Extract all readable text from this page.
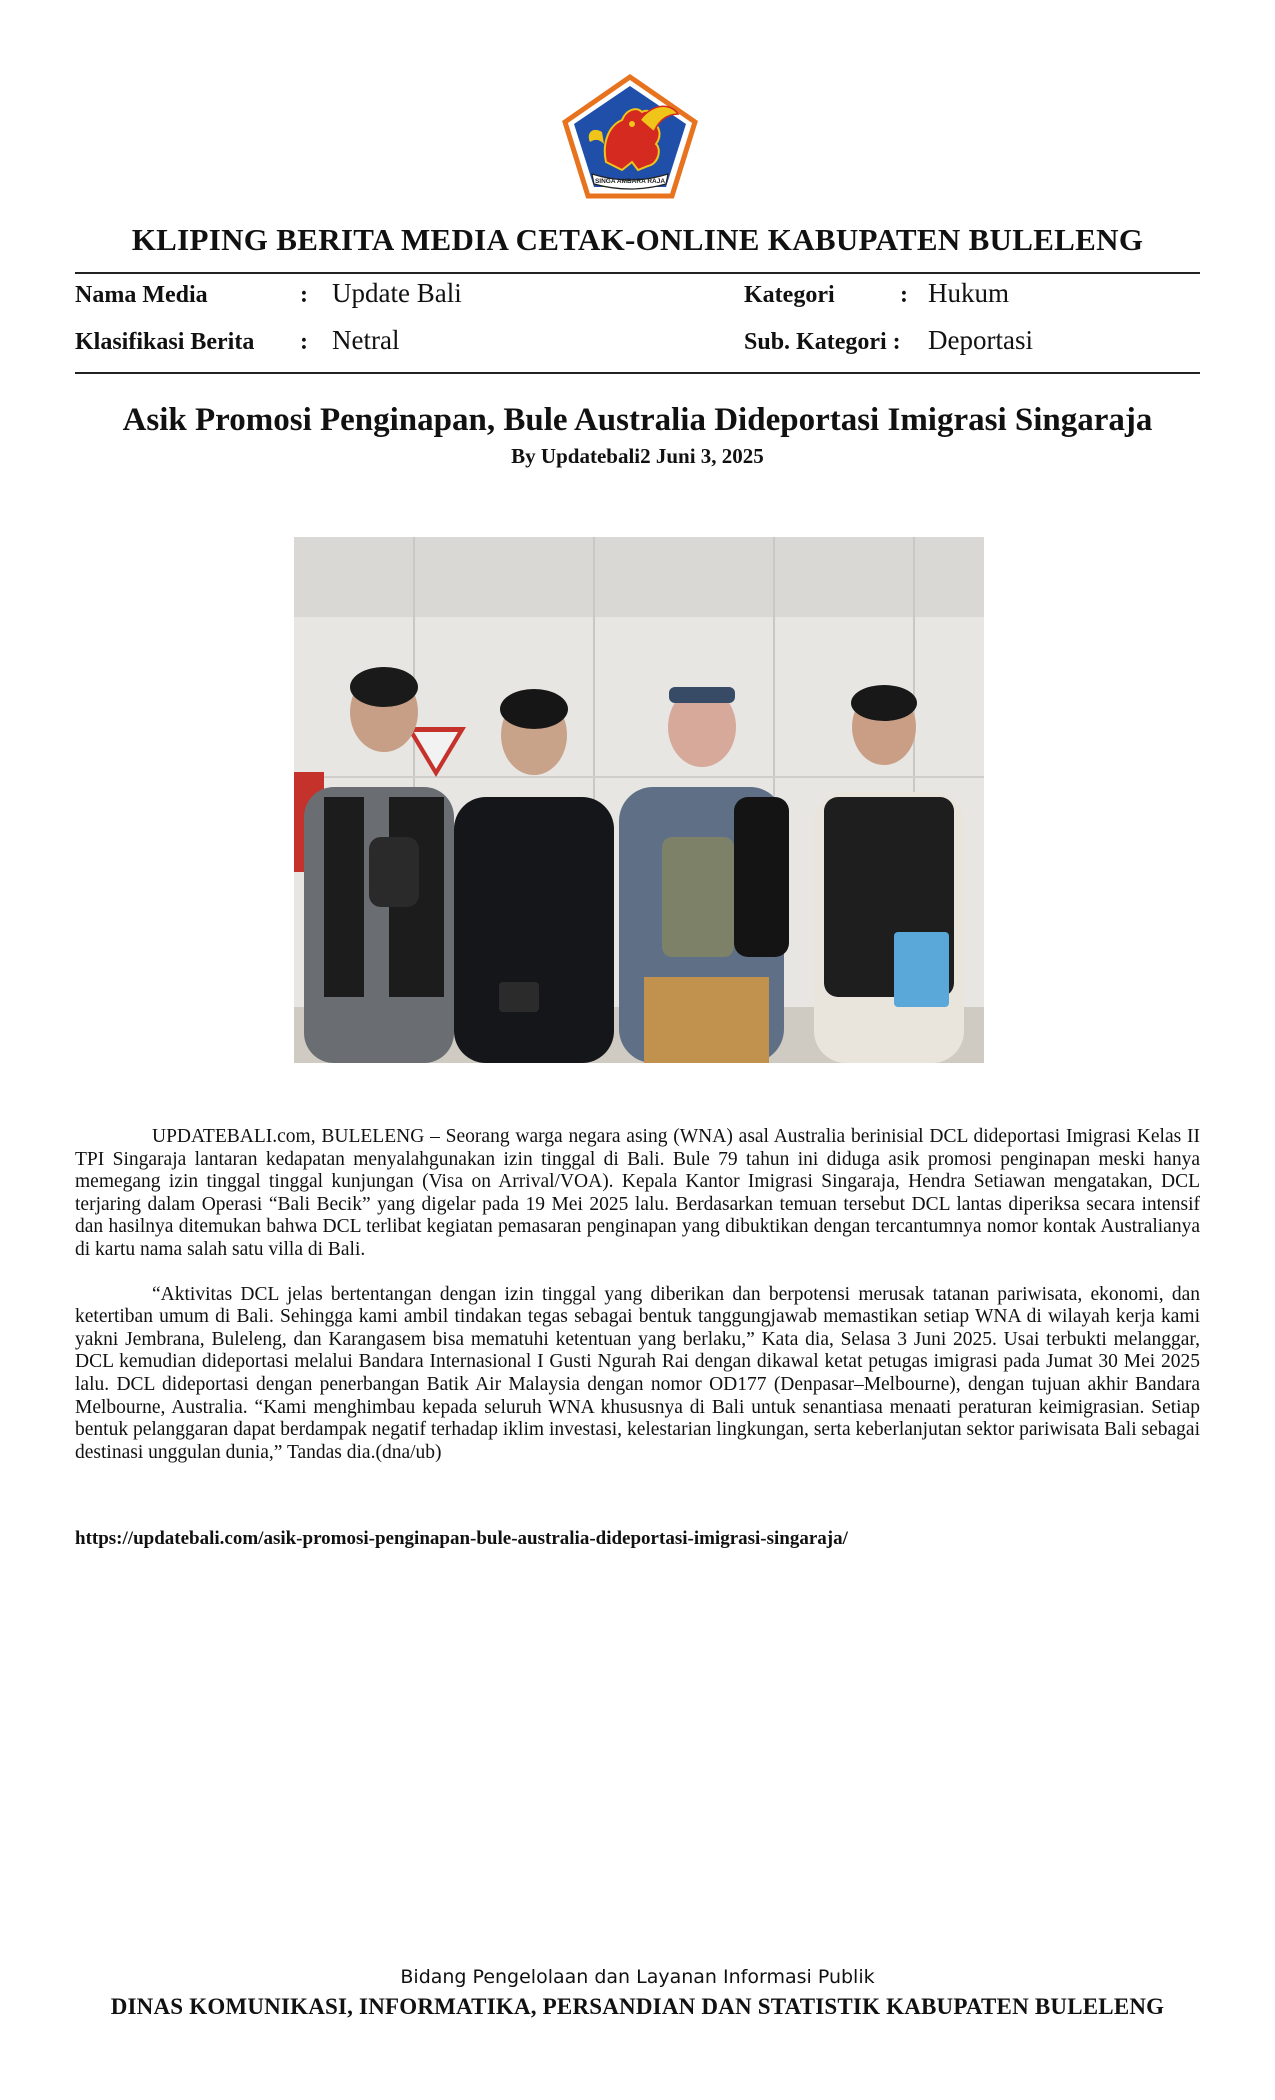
SINGA AMBARA RAJA
KLIPING BERITA MEDIA CETAK-ONLINE KABUPATEN BULELENG
Nama Media	: Update Bali	Kategori	: Hukum
Klasifikasi Berita : Netral	Sub. Kategori : Deportasi
Asik Promosi Penginapan, Bule Australia Dideportasi Imigrasi Singaraja
By Updatebali2 Juni 3, 2025

UPDATEBALI.com, BULELENG – Seorang warga negara asing (WNA) asal Australia berinisial DCL dideportasi Imigrasi Kelas II TPI Singaraja lantaran kedapatan menyalahgunakan izin tinggal di Bali. Bule 79 tahun ini diduga asik promosi penginapan meski hanya memegang izin tinggal tinggal kunjungan (Visa on Arrival/VOA). Kepala Kantor Imigrasi Singaraja, Hendra Setiawan mengatakan, DCL terjaring dalam Operasi “Bali Becik” yang digelar pada 19 Mei 2025 lalu. Berdasarkan temuan tersebut DCL lantas diperiksa secara intensif dan hasilnya ditemukan bahwa DCL terlibat kegiatan pemasaran penginapan yang dibuktikan dengan tercantumnya nomor kontak Australianya di kartu nama salah satu villa di Bali.

“Aktivitas DCL jelas bertentangan dengan izin tinggal yang diberikan dan berpotensi merusak tatanan pariwisata, ekonomi, dan ketertiban umum di Bali. Sehingga kami ambil tindakan tegas sebagai bentuk tanggungjawab memastikan setiap WNA di wilayah kerja kami yakni Jembrana, Buleleng, dan Karangasem bisa mematuhi ketentuan yang berlaku,” Kata dia, Selasa 3 Juni 2025. Usai terbukti melanggar, DCL kemudian dideportasi melalui Bandara Internasional I Gusti Ngurah Rai dengan dikawal ketat petugas imigrasi pada Jumat 30 Mei 2025 lalu. DCL dideportasi dengan penerbangan Batik Air Malaysia dengan nomor OD177 (Denpasar–Melbourne), dengan tujuan akhir Bandara Melbourne, Australia. “Kami menghimbau kepada seluruh WNA khususnya di Bali untuk senantiasa menaati peraturan keimigrasian. Setiap bentuk pelanggaran dapat berdampak negatif terhadap iklim investasi, kelestarian lingkungan, serta keberlanjutan sektor pariwisata Bali sebagai destinasi unggulan dunia,” Tandas dia.(dna/ub)

https://updatebali.com/asik-promosi-penginapan-bule-australia-dideportasi-imigrasi-singaraja/
Bidang Pengelolaan dan Layanan Informasi Publik
DINAS KOMUNIKASI, INFORMATIKA, PERSANDIAN DAN STATISTIK KABUPATEN BULELENG
